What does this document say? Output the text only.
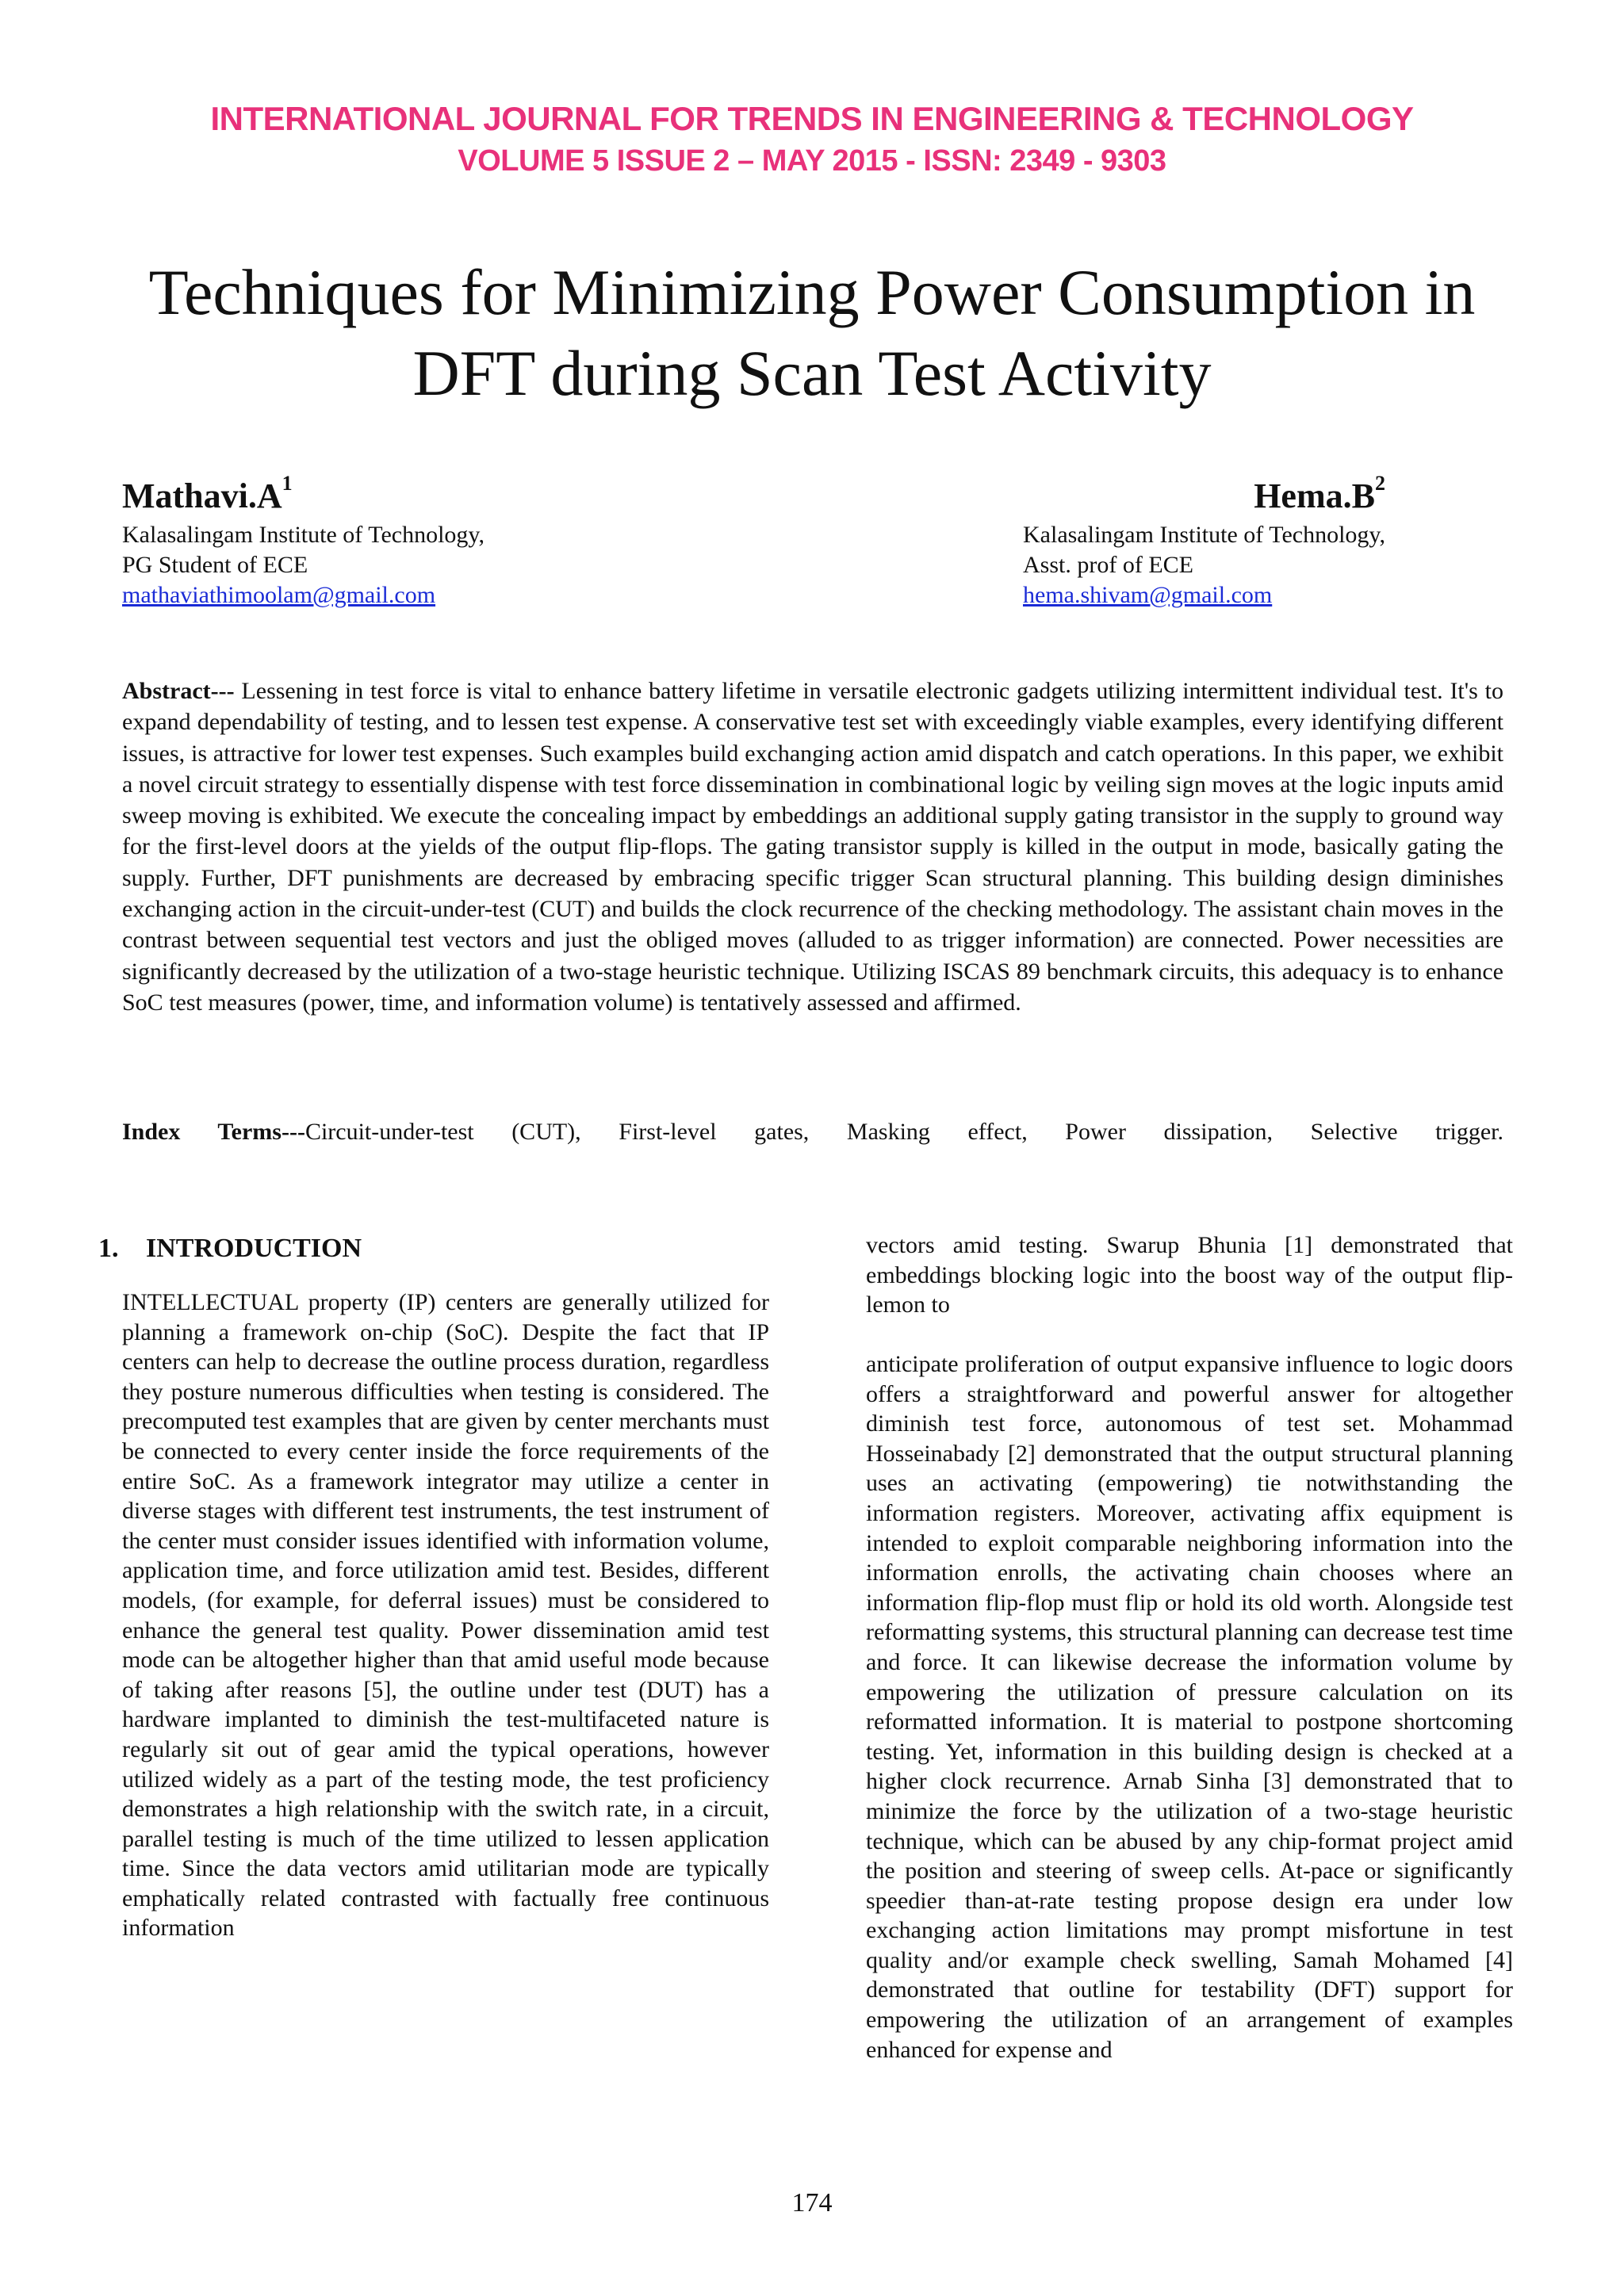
INTERNATIONAL JOURNAL FOR TRENDS IN ENGINEERING & TECHNOLOGY
VOLUME 5 ISSUE 2 – MAY 2015 - ISSN: 2349 - 9303
Techniques for Minimizing Power Consumption in
DFT during Scan Test Activity
$Mathavi.A^1$
Kalasalingam Institute of Technology,
PG Student of ECE
mathaviathimoolam@gmail.com
$Hema.B^2$
Kalasalingam Institute of Technology,
Asst. prof of ECE
hema.shivam@gmail.com
Abstract--- Lessening in test force is vital to enhance battery lifetime in versatile electronic gadgets utilizing intermittent individual test. It's to expand dependability of testing, and to lessen test expense. A conservative test set with exceedingly viable examples, every identifying different issues, is attractive for lower test expenses. Such examples build exchanging action amid dispatch and catch operations. In this paper, we exhibit a novel circuit strategy to essentially dispense with test force dissemination in combinational logic by veiling sign moves at the logic inputs amid sweep moving is exhibited. We execute the concealing impact by embeddings an additional supply gating transistor in the supply to ground way for the first-level doors at the yields of the output flip-flops. The gating transistor supply is killed in the output in mode, basically gating the supply. Further, DFT punishments are decreased by embracing specific trigger Scan structural planning. This building design diminishes exchanging action in the circuit-under-test (CUT) and builds the clock recurrence of the checking methodology. The assistant chain moves in the contrast between sequential test vectors and just the obliged moves (alluded to as trigger information) are connected. Power necessities are significantly decreased by the utilization of a two-stage heuristic technique. Utilizing ISCAS 89 benchmark circuits, this adequacy is to enhance SoC test measures (power, time, and information volume) is tentatively assessed and affirmed.
Index Terms---Circuit-under-test (CUT), First-level gates, Masking effect, Power dissipation, Selective trigger.
1. INTRODUCTION

INTELLECTUAL property (IP) centers are generally utilized for planning a framework on-chip (SoC). Despite the fact that IP centers can help to decrease the outline process duration, regardless they posture numerous difficulties when testing is considered. The precomputed test examples that are given by center merchants must be connected to every center inside the force requirements of the entire SoC. As a framework integrator may utilize a center in diverse stages with different test instruments, the test instrument of the center must consider issues identified with information volume, application time, and force utilization amid test. Besides, different models, (for example, for deferral issues) must be considered to enhance the general test quality. Power dissemination amid test mode can be altogether higher than that amid useful mode because of taking after reasons [5], the outline under test (DUT) has a hardware implanted to diminish the test-multifaceted nature is regularly sit out of gear amid the typical operations, however utilized widely as a part of the testing mode, the test proficiency demonstrates a high relationship with the switch rate, in a circuit, parallel testing is much of the time utilized to lessen application time. Since the data vectors amid utilitarian mode are typically emphatically related contrasted with factually free continuous information

vectors amid testing. Swarup Bhunia [1] demonstrated that embeddings blocking logic into the boost way of the output flip-lemon to

anticipate proliferation of output expansive influence to logic doors offers a straightforward and powerful answer for altogether diminish test force, autonomous of test set. Mohammad Hosseinabady [2] demonstrated that the output structural planning uses an activating (empowering) tie notwithstanding the information registers. Moreover, activating affix equipment is intended to exploit comparable neighboring information into the information enrolls, the activating chain chooses where an information flip-flop must flip or hold its old worth. Alongside test reformatting systems, this structural planning can decrease test time and force. It can likewise decrease the information volume by empowering the utilization of pressure calculation on its reformatted information. It is material to postpone shortcoming testing. Yet, information in this building design is checked at a higher clock recurrence. Arnab Sinha [3] demonstrated that to minimize the force by the utilization of a two-stage heuristic technique, which can be abused by any chip-format project amid the position and steering of sweep cells. At-pace or significantly speedier than-at-rate testing propose design era under low exchanging action limitations may prompt misfortune in test quality and/or example check swelling, Samah Mohamed [4] demonstrated that outline for testability (DFT) support for empowering the utilization of an arrangement of examples enhanced for expense and

174
